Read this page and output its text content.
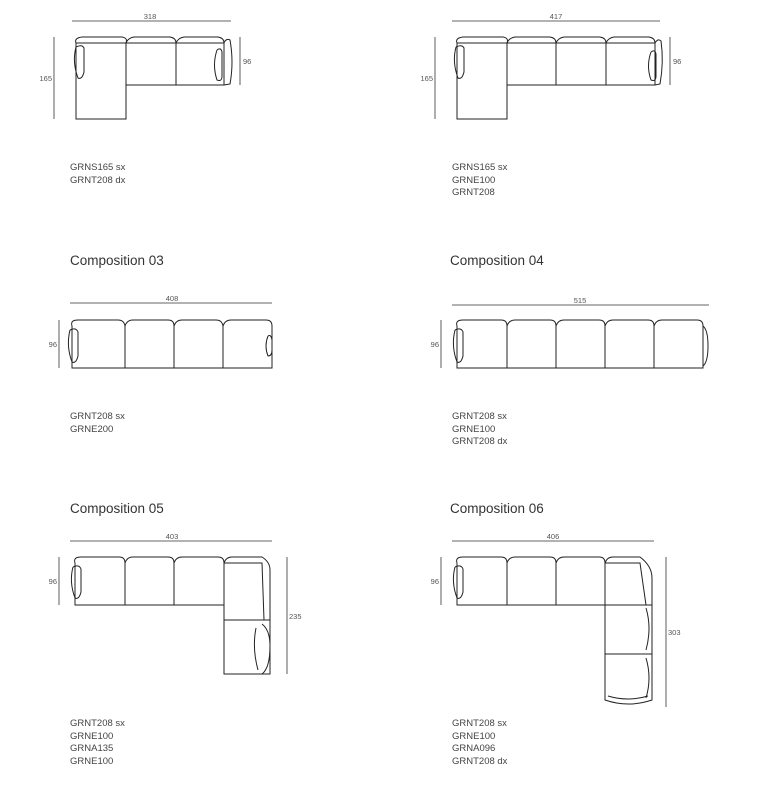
318
165
96
417
165
96
408
96
515
96
403
96
235
406
96
303
Composition 03	Composition 04
Composition 05	Composition 06
GRNS165 sx
GRNT208 dx
GRNS165 sx
GRNE100
GRNT208
GRNT208 sx
GRNE200
GRNT208 sx
GRNE100
GRNT208 dx
GRNT208 sx
GRNE100
GRNA135
GRNE100
GRNT208 sx
GRNE100
GRNA096
GRNT208 dx
